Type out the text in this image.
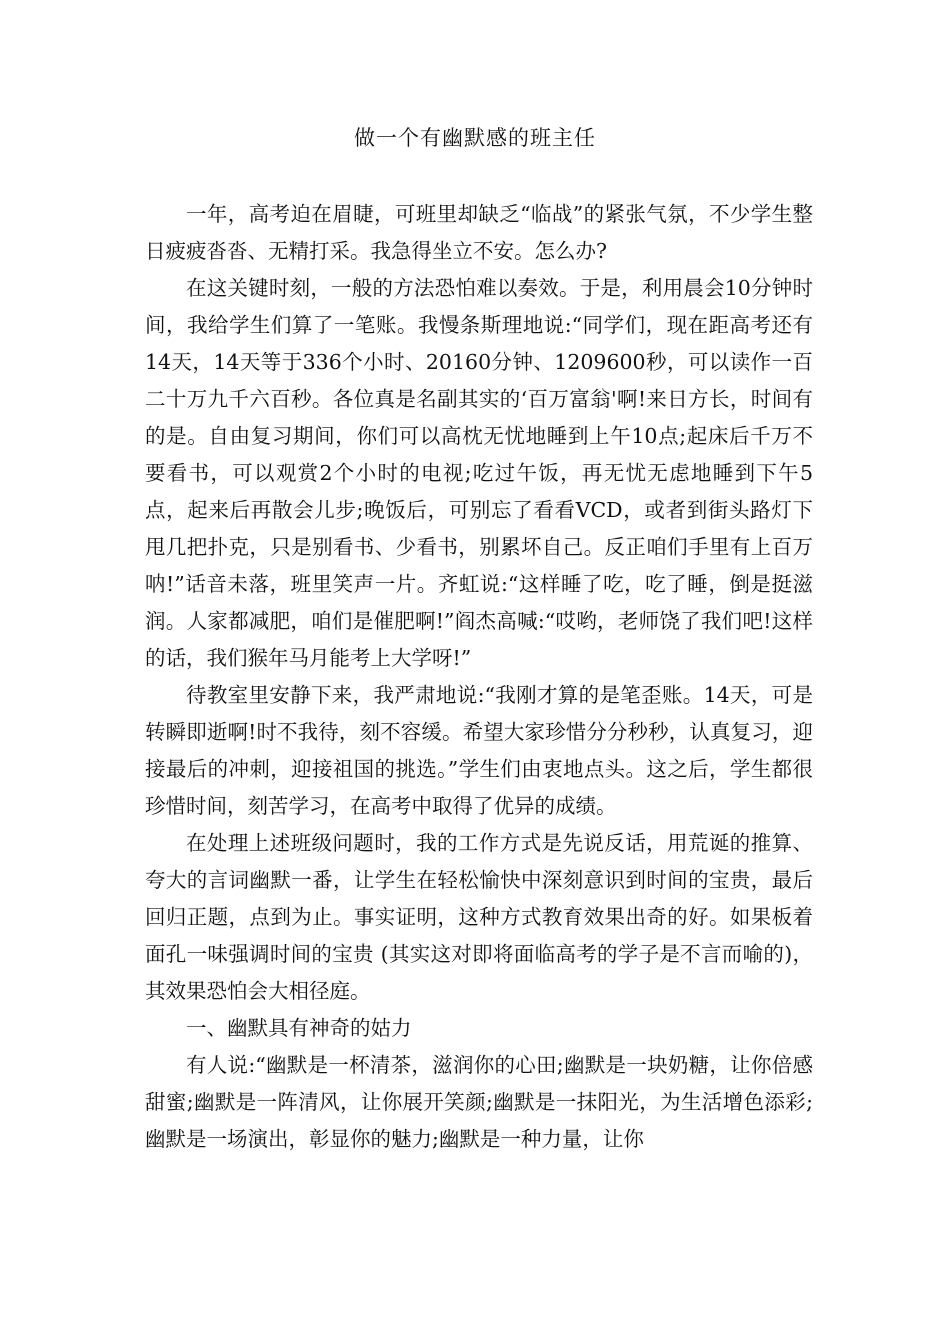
做一个有幽默感的班主任

一年，高考迫在眉睫，可班里却缺乏“临战”的紧张气氛，不少学生整日疲疲沓沓、无精打采。我急得坐立不安。怎么办?

在这关键时刻，一般的方法恐怕难以奏效。于是，利用晨会10分钟时间，我给学生们算了一笔账。我慢条斯理地说:“同学们，现在距高考还有14天，14天等于336个小时、20160分钟、1209600秒，可以读作一百二十万九千六百秒。各位真是名副其实的‘百万富翁'啊!来日方长，时间有的是。自由复习期间，你们可以高枕无忧地睡到上午10点;起床后千万不要看书，可以观赏2个小时的电视;吃过午饭，再无忧无虑地睡到下午5点，起来后再散会儿步;晚饭后，可别忘了看看VCD，或者到街头路灯下甩几把扑克，只是别看书、少看书，别累坏自己。反正咱们手里有上百万呐!”话音未落，班里笑声一片。齐虹说:“这样睡了吃，吃了睡，倒是挺滋润。人家都减肥，咱们是催肥啊!”阎杰高喊:“哎哟，老师饶了我们吧!这样的话，我们猴年马月能考上大学呀!”

待教室里安静下来，我严肃地说:“我刚才算的是笔歪账。14天，可是转瞬即逝啊!时不我待，刻不容缓。希望大家珍惜分分秒秒，认真复习，迎接最后的冲刺，迎接祖国的挑选。”学生们由衷地点头。这之后，学生都很珍惜时间，刻苦学习，在高考中取得了优异的成绩。

在处理上述班级问题时，我的工作方式是先说反话，用荒诞的推算、夸大的言词幽默一番，让学生在轻松愉快中深刻意识到时间的宝贵，最后回归正题，点到为止。事实证明，这种方式教育效果出奇的好。如果板着面孔一味强调时间的宝贵 (其实这对即将面临高考的学子是不言而喻的)，其效果恐怕会大相径庭。

一、幽默具有神奇的姑力

有人说:“幽默是一杯清茶，滋润你的心田;幽默是一块奶糖，让你倍感甜蜜;幽默是一阵清风，让你展开笑颜;幽默是一抹阳光，为生活增色添彩;幽默是一场演出，彰显你的魅力;幽默是一种力量，让你
